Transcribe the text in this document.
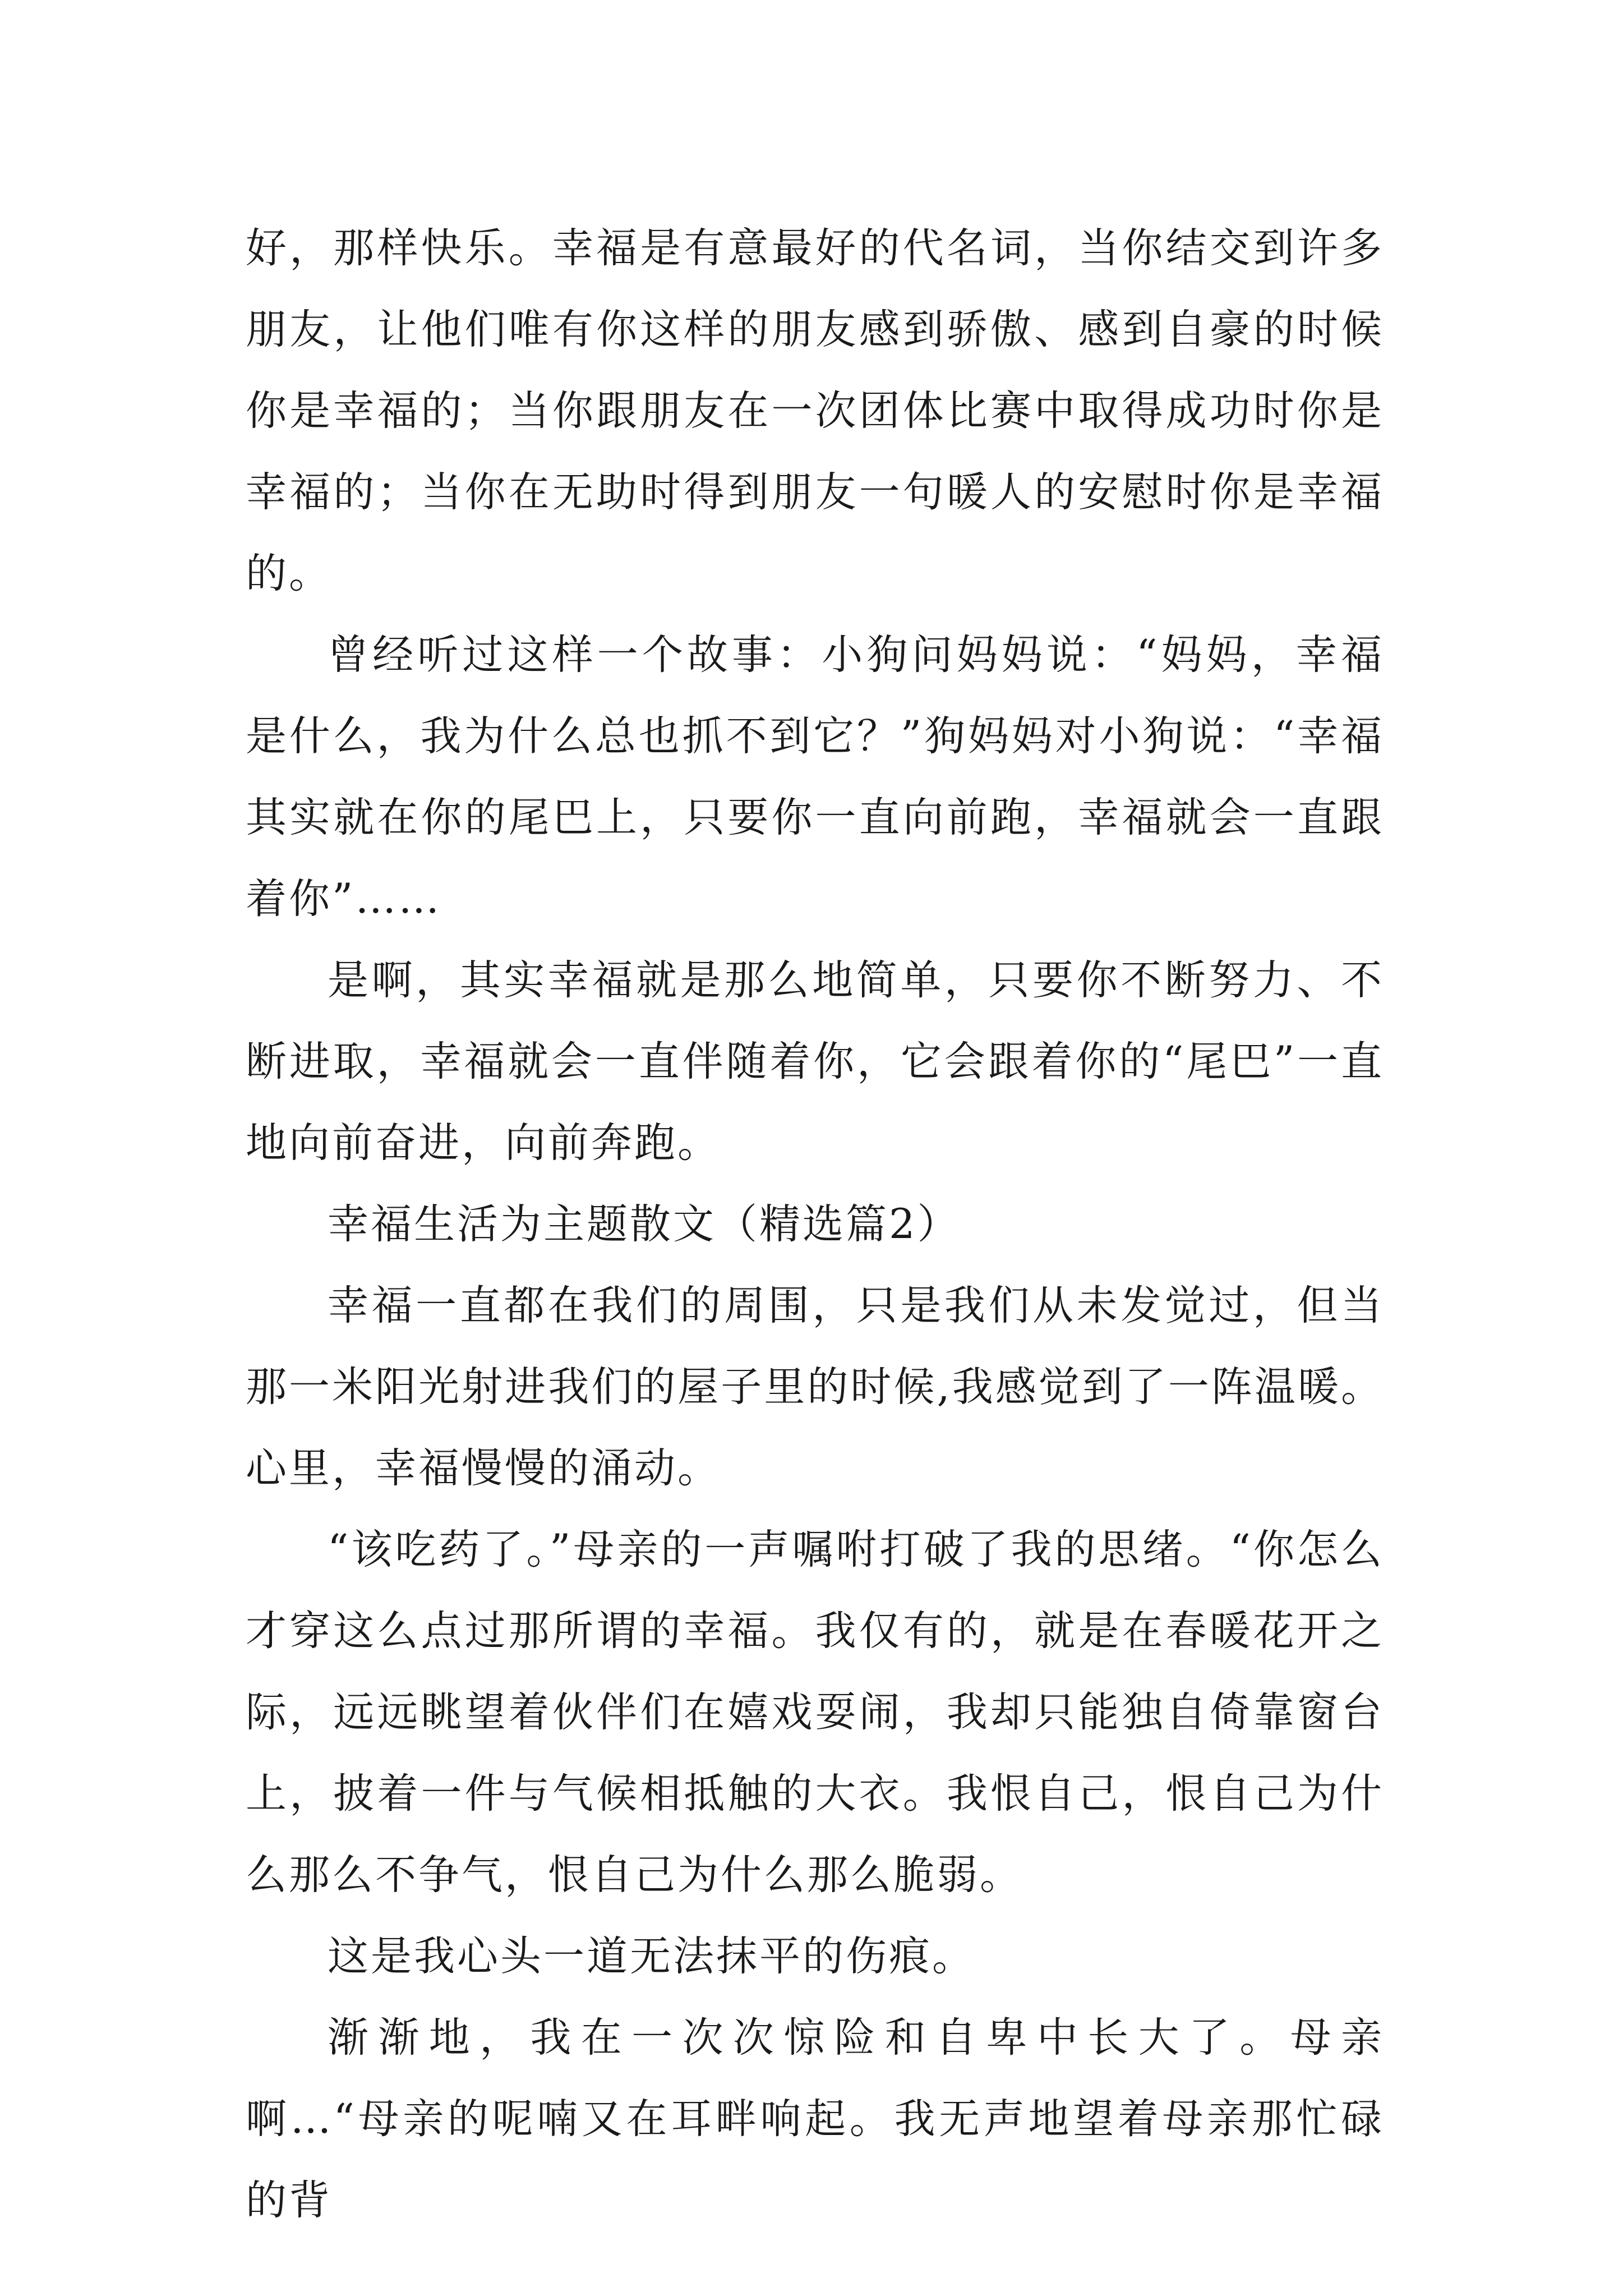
好，那样快乐。幸福是有意最好的代名词，当你结交到许多朋友，让他们唯有你这样的朋友感到骄傲、感到自豪的时候你是幸福的；当你跟朋友在一次团体比赛中取得成功时你是幸福的；当你在无助时得到朋友一句暖人的安慰时你是幸福的。

曾经听过这样一个故事：小狗问妈妈说：“妈妈，幸福是什么，我为什么总也抓不到它？”狗妈妈对小狗说：“幸福其实就在你的尾巴上，只要你一直向前跑，幸福就会一直跟着你”……

是啊，其实幸福就是那么地简单，只要你不断努力、不断进取，幸福就会一直伴随着你，它会跟着你的“尾巴”一直地向前奋进，向前奔跑。

幸福生活为主题散文（精选篇2）

幸福一直都在我们的周围，只是我们从未发觉过，但当那一米阳光射进我们的屋子里的时候,我感觉到了一阵温暖。心里，幸福慢慢的涌动。

“该吃药了。”母亲的一声嘱咐打破了我的思绪。“你怎么才穿这么点过那所谓的幸福。我仅有的，就是在春暖花开之际，远远眺望着伙伴们在嬉戏耍闹，我却只能独自倚靠窗台上，披着一件与气候相抵触的大衣。我恨自己，恨自己为什么那么不争气，恨自己为什么那么脆弱。

这是我心头一道无法抹平的伤痕。

渐渐地，我在一次次惊险和自卑中长大了。母亲啊…“母亲的呢喃又在耳畔响起。我无声地望着母亲那忙碌的背
